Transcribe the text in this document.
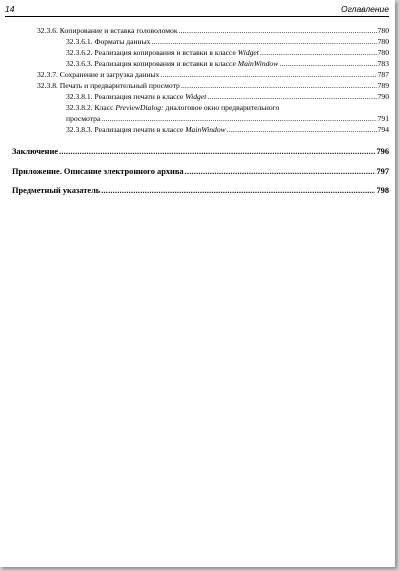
14	Оглавление
32.3.6. Копирование и вставка головоломок .....	780
32.3.6.1. Форматы данных .....	780
32.3.6.2. Реализация копирования и вставки в классе Widget .....	780
32.3.6.3. Реализация копирования и вставки в классе MainWindow .....	783
32.3.7. Сохранение и загрузка данных .....	787
32.3.8. Печать и предварительный просмотр .....	789
32.3.8.1. Реализация печати в классе Widget .....	790
32.3.8.2. Класс PreviewDialog: диалоговое окно предварительного
просмотра .....	791
32.3.8.3. Реализация печати в классе MainWindow .....	794
Заключение .....	796
Приложение. Описание электронного архива .....	797
Предметный указатель .....	798
